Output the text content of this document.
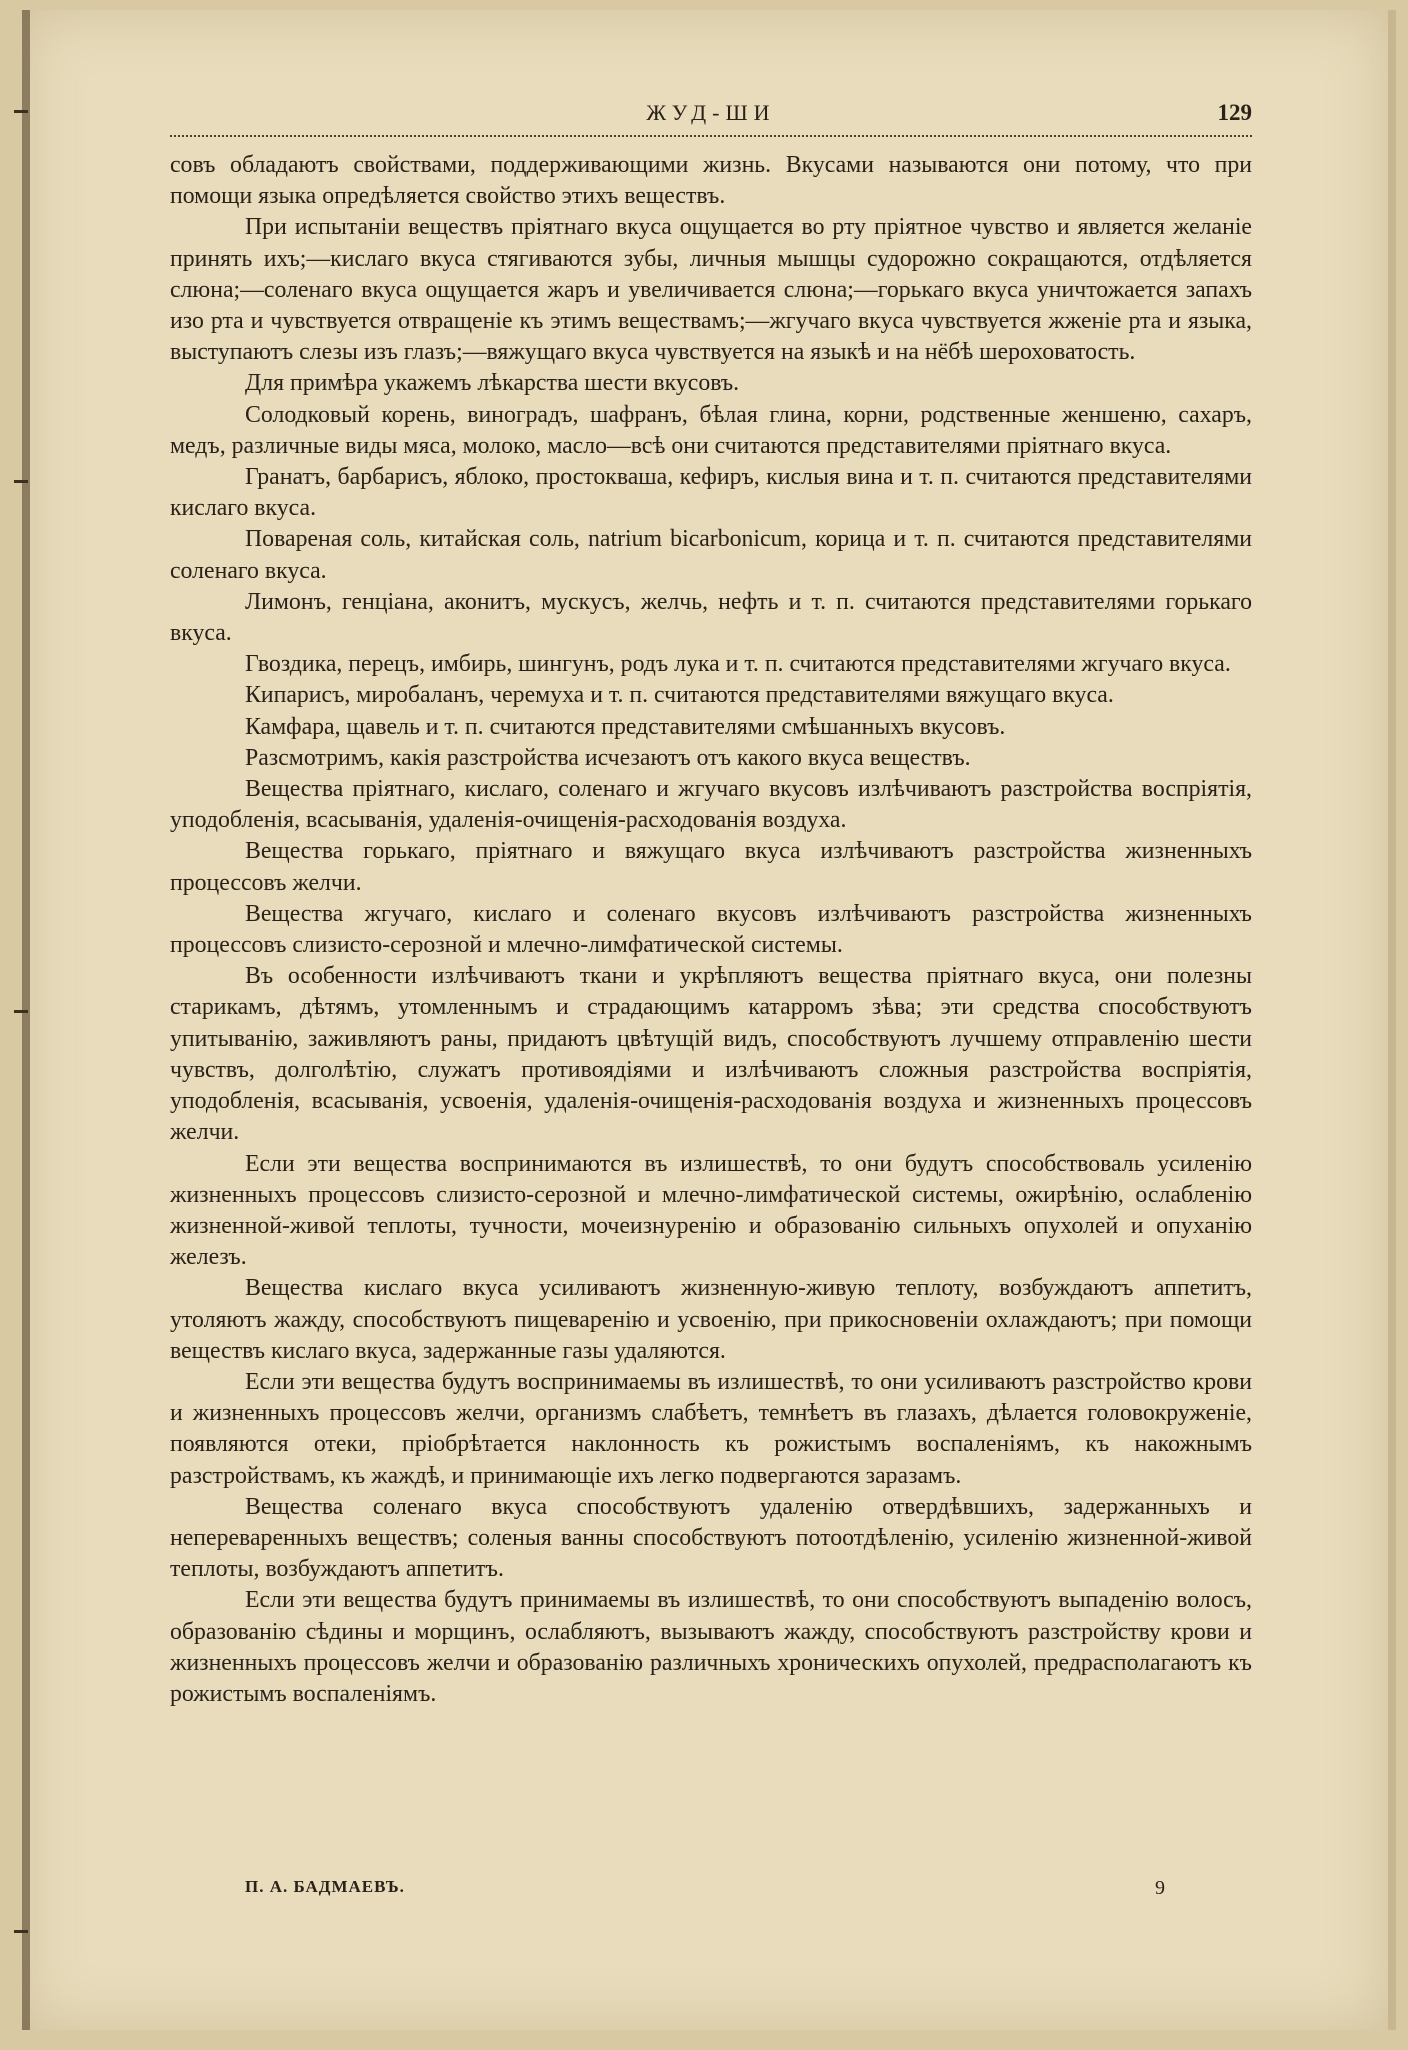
ЖУД-ШИ	129

совъ обладаютъ свойствами, поддерживающими жизнь. Вкусами называются они потому, что при помощи языка опредѣляется свойство этихъ веществъ.

При испытаніи веществъ пріятнаго вкуса ощущается во рту пріятное чувство и является желаніе принять ихъ;—кислаго вкуса стягиваются зубы, личныя мышцы судорожно сокращаются, отдѣляется слюна;—соленаго вкуса ощущается жаръ и увеличивается слюна;—горькаго вкуса уничтожается запахъ изо рта и чувствуется отвращеніе къ этимъ веществамъ;—жгучаго вкуса чувствуется жженіе рта и языка, выступаютъ слезы изъ глазъ;—вяжущаго вкуса чувствуется на языкѣ и на нёбѣ шероховатость.

Для примѣра укажемъ лѣкарства шести вкусовъ.

Солодковый корень, виноградъ, шафранъ, бѣлая глина, корни, родственные женшеню, сахаръ, медъ, различные виды мяса, молоко, масло—всѣ они считаются представителями пріятнаго вкуса.

Гранатъ, барбарисъ, яблоко, простокваша, кефиръ, кислыя вина и т. п. считаются представителями кислаго вкуса.

Повареная соль, китайская соль, natrium bicarbonicum, корица и т. п. считаются представителями соленаго вкуса.

Лимонъ, генціана, аконитъ, мускусъ, желчь, нефть и т. п. считаются представителями горькаго вкуса.

Гвоздика, перецъ, имбирь, шингунъ, родъ лука и т. п. считаются представителями жгучаго вкуса.

Кипарисъ, миробаланъ, черемуха и т. п. считаются представителями вяжущаго вкуса.

Камфара, щавель и т. п. считаются представителями смѣшанныхъ вкусовъ.

Разсмотримъ, какія разстройства исчезаютъ отъ какого вкуса веществъ.

Вещества пріятнаго, кислаго, соленаго и жгучаго вкусовъ излѣчиваютъ разстройства воспріятія, уподобленія, всасыванія, удаленія-очищенія-расходованія воздуха.

Вещества горькаго, пріятнаго и вяжущаго вкуса излѣчиваютъ разстройства жизненныхъ процессовъ желчи.

Вещества жгучаго, кислаго и соленаго вкусовъ излѣчиваютъ разстройства жизненныхъ процессовъ слизисто-серозной и млечно-лимфатической системы.

Въ особенности излѣчиваютъ ткани и укрѣпляютъ вещества пріятнаго вкуса, они полезны старикамъ, дѣтямъ, утомленнымъ и страдающимъ катарромъ зѣва; эти средства способствуютъ упитыванію, заживляютъ раны, придаютъ цвѣтущій видъ, способствуютъ лучшему отправленію шести чувствъ, долголѣтію, служатъ противоядіями и излѣчиваютъ сложныя разстройства воспріятія, уподобленія, всасыванія, усвоенія, удаленія-очищенія-расходованія воздуха и жизненныхъ процессовъ желчи.

Если эти вещества воспринимаются въ излишествѣ, то они будутъ способствоваль усиленію жизненныхъ процессовъ слизисто-серозной и млечно-лимфатической системы, ожирѣнію, ослабленію жизненной-живой теплоты, тучности, мочеизнуренію и образованію сильныхъ опухолей и опуханію железъ.

Вещества кислаго вкуса усиливаютъ жизненную-живую теплоту, возбуждаютъ аппетитъ, утоляютъ жажду, способствуютъ пищеваренію и усвоенію, при прикосновеніи охлаждаютъ; при помощи веществъ кислаго вкуса, задержанные газы удаляются.

Если эти вещества будутъ воспринимаемы въ излишествѣ, то они усиливаютъ разстройство крови и жизненныхъ процессовъ желчи, организмъ слабѣетъ, темнѣетъ въ глазахъ, дѣлается головокруженіе, появляются отеки, пріобрѣтается наклонность къ рожистымъ воспаленіямъ, къ накожнымъ разстройствамъ, къ жаждѣ, и принимающіе ихъ легко подвергаются заразамъ.

Вещества соленаго вкуса способствуютъ удаленію отвердѣвшихъ, задержанныхъ и непереваренныхъ веществъ; соленыя ванны способствуютъ потоотдѣленію, усиленію жизненной-живой теплоты, возбуждаютъ аппетитъ.

Если эти вещества будутъ принимаемы въ излишествѣ, то они способствуютъ выпаденію волосъ, образованію сѣдины и морщинъ, ослабляютъ, вызываютъ жажду, способствуютъ разстройству крови и жизненныхъ процессовъ желчи и образованію различныхъ хроническихъ опухолей, предрасполагаютъ къ рожистымъ воспаленіямъ.

П. А. БАДМАЕВЪ.	9
